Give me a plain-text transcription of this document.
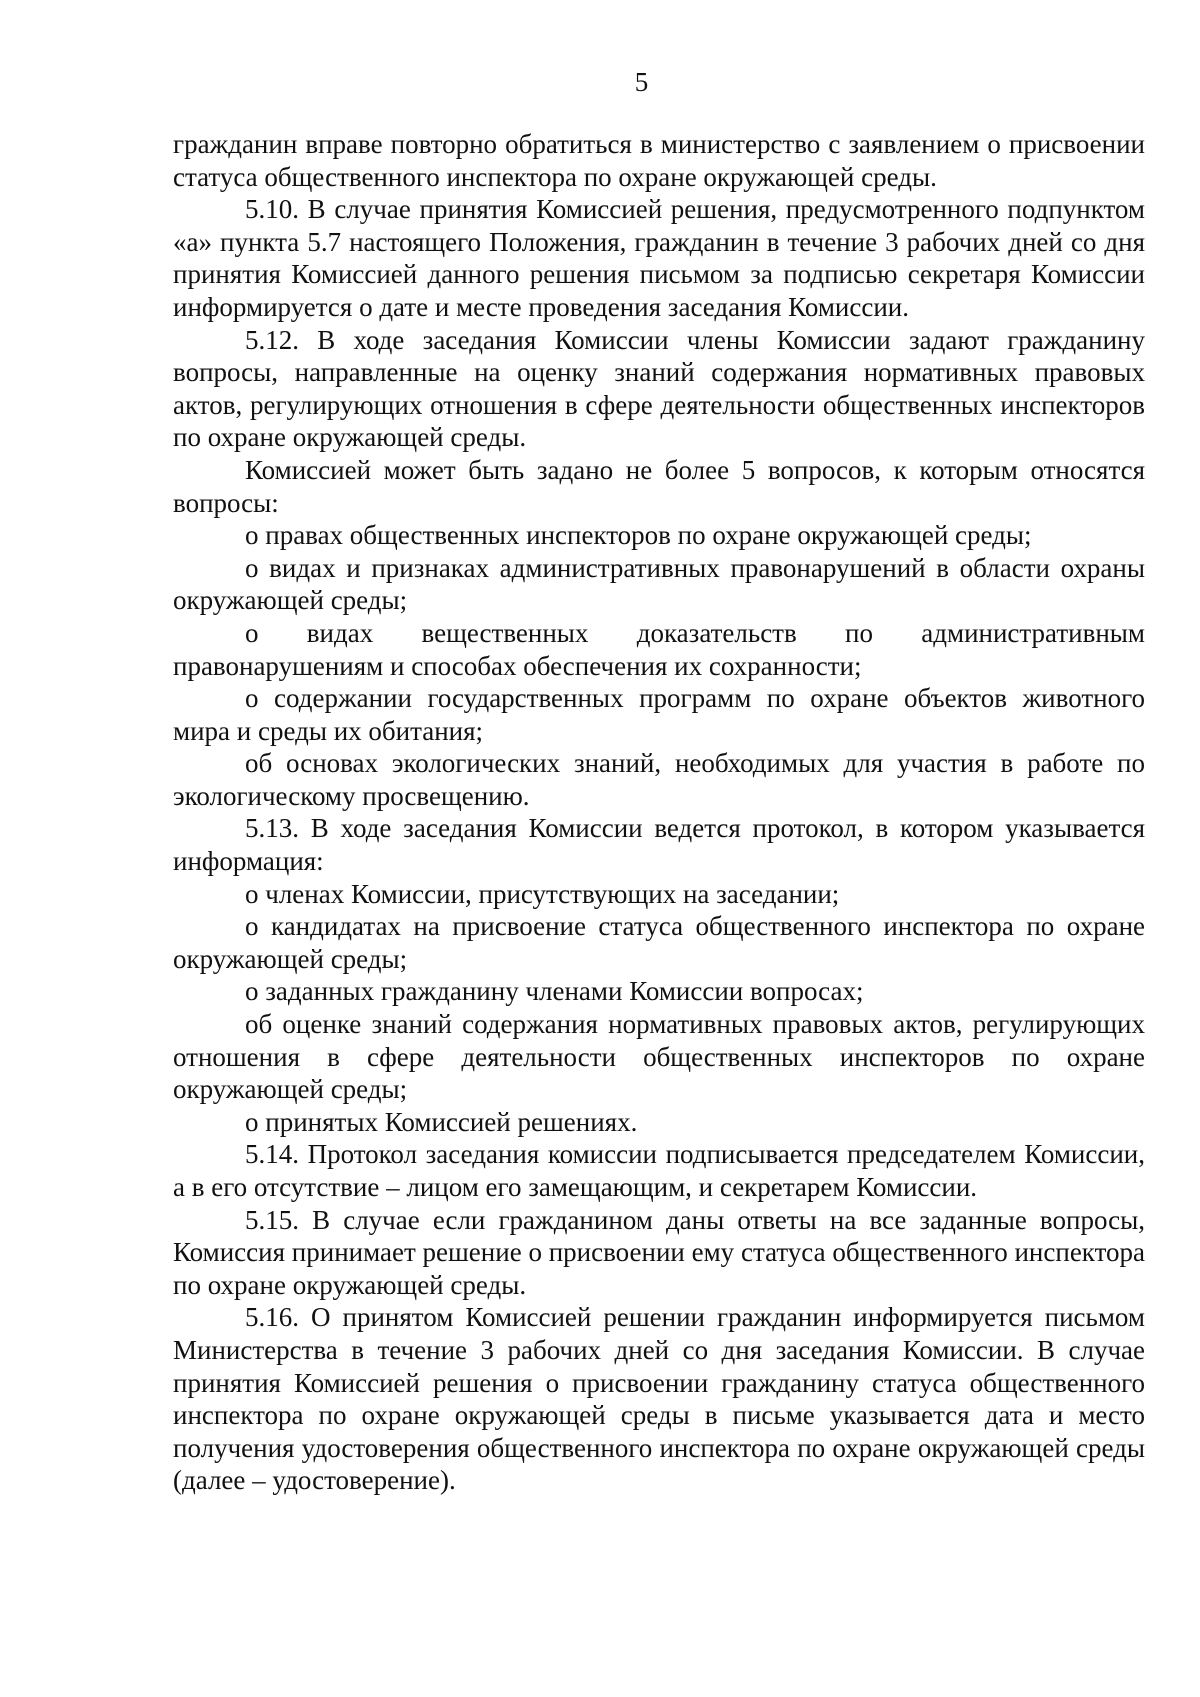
5

гражданин вправе повторно обратиться в министерство с заявлением о присвоении статуса общественного инспектора по охране окружающей среды.

5.10. В случае принятия Комиссией решения, предусмотренного подпунктом «а» пункта 5.7 настоящего Положения, гражданин в течение 3 рабочих дней со дня принятия Комиссией данного решения письмом за подписью секретаря Комиссии информируется о дате и месте проведения заседания Комиссии.

5.12. В ходе заседания Комиссии члены Комиссии задают гражданину вопросы, направленные на оценку знаний содержания нормативных правовых актов, регулирующих отношения в сфере деятельности общественных инспекторов по охране окружающей среды.

Комиссией может быть задано не более 5 вопросов, к которым относятся вопросы:

о правах общественных инспекторов по охране окружающей среды;

о видах и признаках административных правонарушений в области охраны окружающей среды;

о видах вещественных доказательств по административным правонарушениям и способах обеспечения их сохранности;

о содержании государственных программ по охране объектов животного мира и среды их обитания;

об основах экологических знаний, необходимых для участия в работе по экологическому просвещению.

5.13. В ходе заседания Комиссии ведется протокол, в котором указывается информация:

о членах Комиссии, присутствующих на заседании;

о кандидатах на присвоение статуса общественного инспектора по охране окружающей среды;

о заданных гражданину членами Комиссии вопросах;

об оценке знаний содержания нормативных правовых актов, регулирующих отношения в сфере деятельности общественных инспекторов по охране окружающей среды;

о принятых Комиссией решениях.

5.14. Протокол заседания комиссии подписывается председателем Комиссии, а в его отсутствие – лицом его замещающим, и секретарем Комиссии.

5.15. В случае если гражданином даны ответы на все заданные вопросы, Комиссия принимает решение о присвоении ему статуса общественного инспектора по охране окружающей среды.

5.16. О принятом Комиссией решении гражданин информируется письмом Министерства в течение 3 рабочих дней со дня заседания Комиссии. В случае принятия Комиссией решения о присвоении гражданину статуса общественного инспектора по охране окружающей среды в письме указывается дата и место получения удостоверения общественного инспектора по охране окружающей среды (далее – удостоверение).
